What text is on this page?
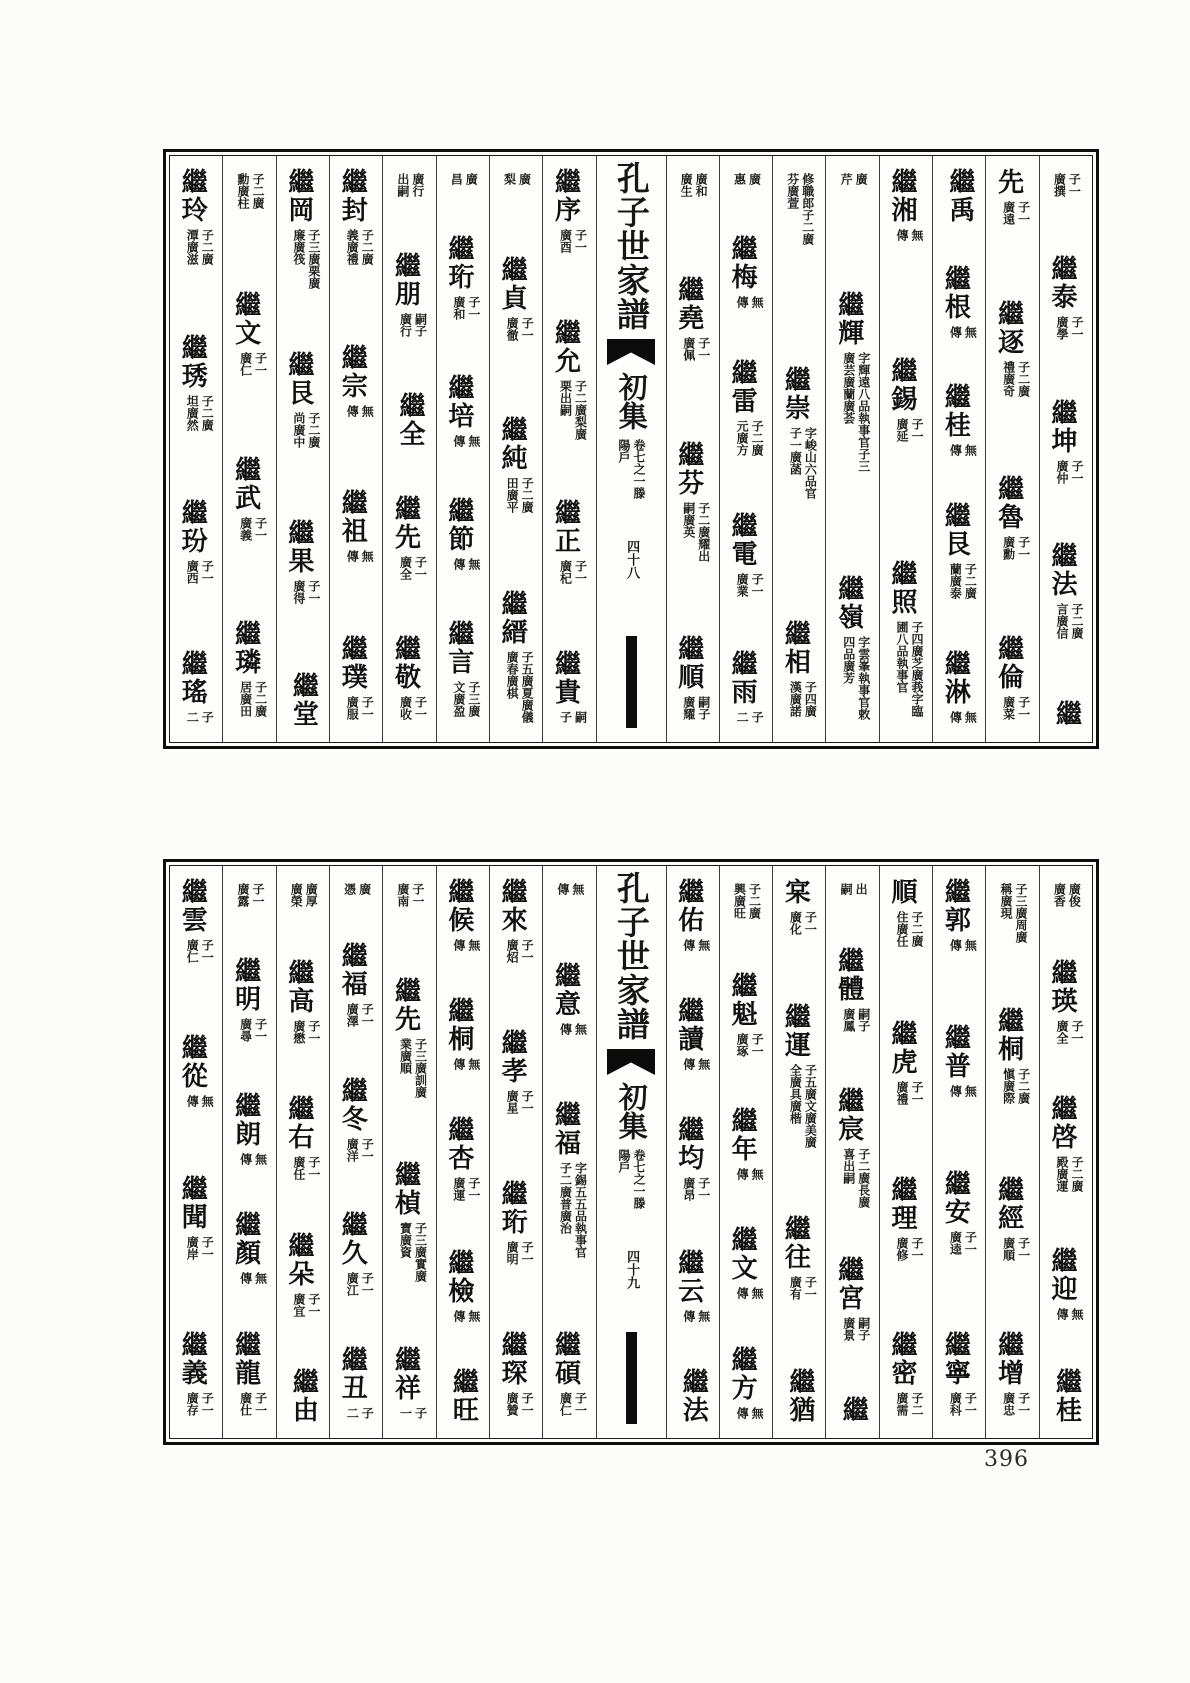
子一廣撰
繼泰子一廣學
繼坤子一廣仲
繼法子二廣言廣信
繼
先子一廣遠
繼逐子二廣禮廣奇
繼魯子一廣勳
繼倫子一廣菜
繼禹
繼根無傳
繼桂無傳
繼艮子二廣蘭廣泰
繼淋無傳
繼湘無傳
繼錫子一廣延
繼照子四廣芝廣莪字臨圃八品執事官
廣芹
繼輝字輝遠八品執事官子三廣芸廣蘭廣荟
繼嶺字雲峯執事官敕四品廣芳
修職郎子二廣芬廣萱
繼崇字峻山六品官子一廣菡
繼相子四廣漢廣諾
廣惠
繼梅無傳
繼雷子二廣元廣方
繼電子一廣業
繼雨子二
廣和廣生
繼堯子一廣佩
繼芬子二廣耀出嗣廣英
繼順嗣子廣耀
孔子世家譜
初集
卷七之一滕陽戶
四十八
繼序子一廣酉
繼允子二廣梨廣栗出嗣
繼正子一廣杞
繼貴嗣子
廣梨
繼貞子一廣徹
繼純子二廣田廣平
繼縉子五廣夏廣儀廣春廣棋
廣昌
繼珩子一廣和
繼培無傳
繼節無傳
繼言子三廣文廣盈
廣行出嗣
繼朋嗣子廣行
繼全
繼先子一廣全
繼敬子一廣收
繼封子二廣義廣禮
繼宗無傳
繼祖無傳
繼璞子一廣服
繼岡子三廣栗廣廉廣筏
繼艮子二廣尚廣中
繼果子一廣得
繼堂
子二廣勳廣柱
繼文子一廣仁
繼武子一廣義
繼璘子二廣居廣田
繼玲子二廣潭廣滋
繼琇子二廣坦廣然
繼玢子一廣西
繼瑤子二
廣俊廣香
繼瑛子一廣全
繼啓子二廣殿廣運
繼迎無傳
繼桂
子三廣周廣稱廣現
繼桐子二廣愼廣際
繼經子一廣順
繼增子一廣忠
繼郭無傳
繼普無傳
繼安子一廣逵
繼寧子一廣科
順子二廣住廣任
繼虎子一廣禮
繼理子一廣修
繼密子二廣需
出嗣
繼體嗣子廣鳳
繼宸子二廣長廣喜出嗣
繼宮嗣子廣景
繼
宲子一廣化
繼運子五廣文廣美廣全廣具廣楷
繼往子一廣有
繼猶
子二廣興廣旺
繼魁子一廣琢
繼年無傳
繼文無傳
繼方無傳
繼佑無傳
繼讀無傳
繼均子一廣昂
繼云無傳
繼法
孔子世家譜
初集
卷七之一滕陽戶
四十九
無傳
繼意無傳
繼福字錫五五品執事官子二廣普廣治
繼碩子一廣仁
繼來子一廣炤
繼孝子一廣星
繼珩子一廣明
繼琛子一廣贊
繼候無傳
繼桐無傳
繼杏子一廣運
繼檢無傳
繼旺
子一廣南
繼先子三廣訓廣業廣順
繼楨子三廣實廣寶廣資
繼祥子一
廣憑
繼福子一廣澤
繼冬子一廣洋
繼久子一廣江
繼丑子二
廣厚廣榮
繼高子一廣懋
繼右子一廣任
繼朵子一廣宜
繼由
子一廣露
繼明子一廣尋
繼朗無傳
繼顏無傳
繼龍子一廣仕
繼雲子一廣仁
繼從無傳
繼聞子一廣岸
繼義子一廣存
396
